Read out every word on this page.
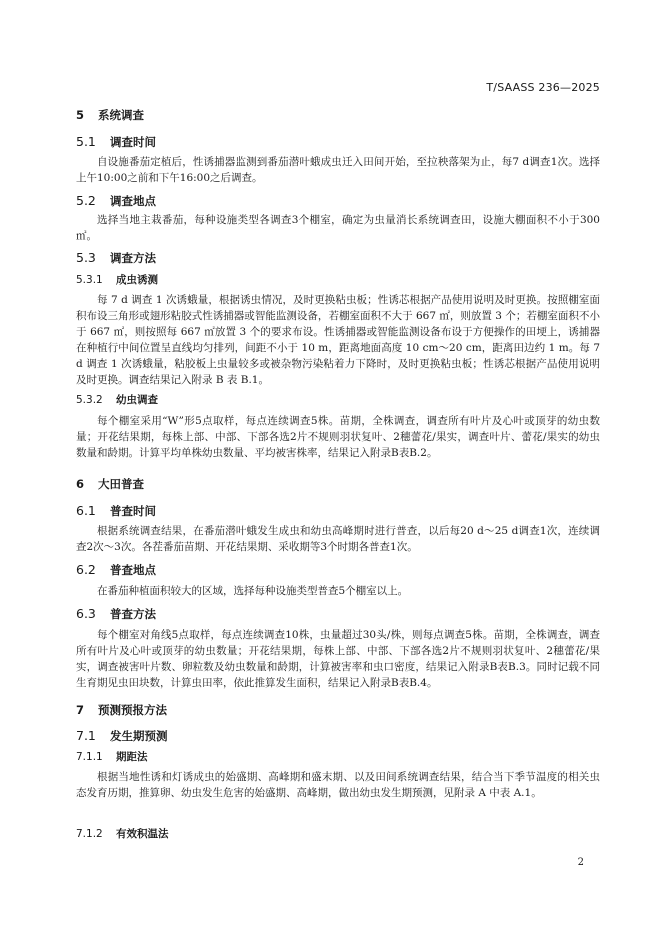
T/SAASS 236—2025
5 系统调查
5.1 调查时间
自设施番茄定植后，性诱捕器监测到番茄潜叶蛾成虫迁入田间开始，至拉秧落架为止，每7 d调查1次。选择上午10:00之前和下午16:00之后调查。
5.2 调查地点
选择当地主栽番茄，每种设施类型各调查3个棚室，确定为虫量消长系统调查田，设施大棚面积不小于300 ㎡。
5.3 调查方法
5.3.1 成虫诱测
每 7 d 调查 1 次诱蛾量，根据诱虫情况，及时更换粘虫板；性诱芯根据产品使用说明及时更换。按照棚室面积布设三角形或翅形粘胶式性诱捕器或智能监测设备，若棚室面积不大于 667 ㎡，则放置 3 个；若棚室面积不小于 667 ㎡，则按照每 667 ㎡放置 3 个的要求布设。性诱捕器或智能监测设备布设于方便操作的田埂上，诱捕器在种植行中间位置呈直线均匀排列，间距不小于 10 m，距离地面高度 10 cm～20 cm，距离田边约 1 m。每 7 d 调查 1 次诱蛾量，粘胶板上虫量较多或被杂物污染粘着力下降时，及时更换粘虫板；性诱芯根据产品使用说明及时更换。调查结果记入附录 B 表 B.1。
5.3.2 幼虫调查
每个棚室采用“W”形5点取样，每点连续调查5株。苗期，全株调查，调查所有叶片及心叶或顶芽的幼虫数量；开花结果期，每株上部、中部、下部各选2片不规则羽状复叶、2穗蕾花/果实，调查叶片、蕾花/果实的幼虫数量和龄期。计算平均单株幼虫数量、平均被害株率，结果记入附录B表B.2。
6 大田普查
6.1 普查时间
根据系统调查结果，在番茄潜叶蛾发生成虫和幼虫高峰期时进行普查，以后每20 d～25 d调查1次，连续调查2次～3次。各茬番茄苗期、开花结果期、采收期等3个时期各普查1次。
6.2 普查地点
在番茄种植面积较大的区域，选择每种设施类型普查5个棚室以上。
6.3 普查方法
每个棚室对角线5点取样，每点连续调查10株，虫量超过30头/株，则每点调查5株。苗期，全株调查，调查所有叶片及心叶或顶芽的幼虫数量；开花结果期，每株上部、中部、下部各选2片不规则羽状复叶、2穗蕾花/果实，调查被害叶片数、卵粒数及幼虫数量和龄期，计算被害率和虫口密度，结果记入附录B表B.3。同时记载不同生育期见虫田块数，计算虫田率，依此推算发生面积，结果记入附录B表B.4。
7 预测预报方法
7.1 发生期预测
7.1.1 期距法
根据当地性诱和灯诱成虫的始盛期、高峰期和盛末期、以及田间系统调查结果，结合当下季节温度的相关虫态发育历期，推算卵、幼虫发生危害的始盛期、高峰期，做出幼虫发生期预测，见附录 A 中表 A.1。
7.1.2 有效积温法
2
